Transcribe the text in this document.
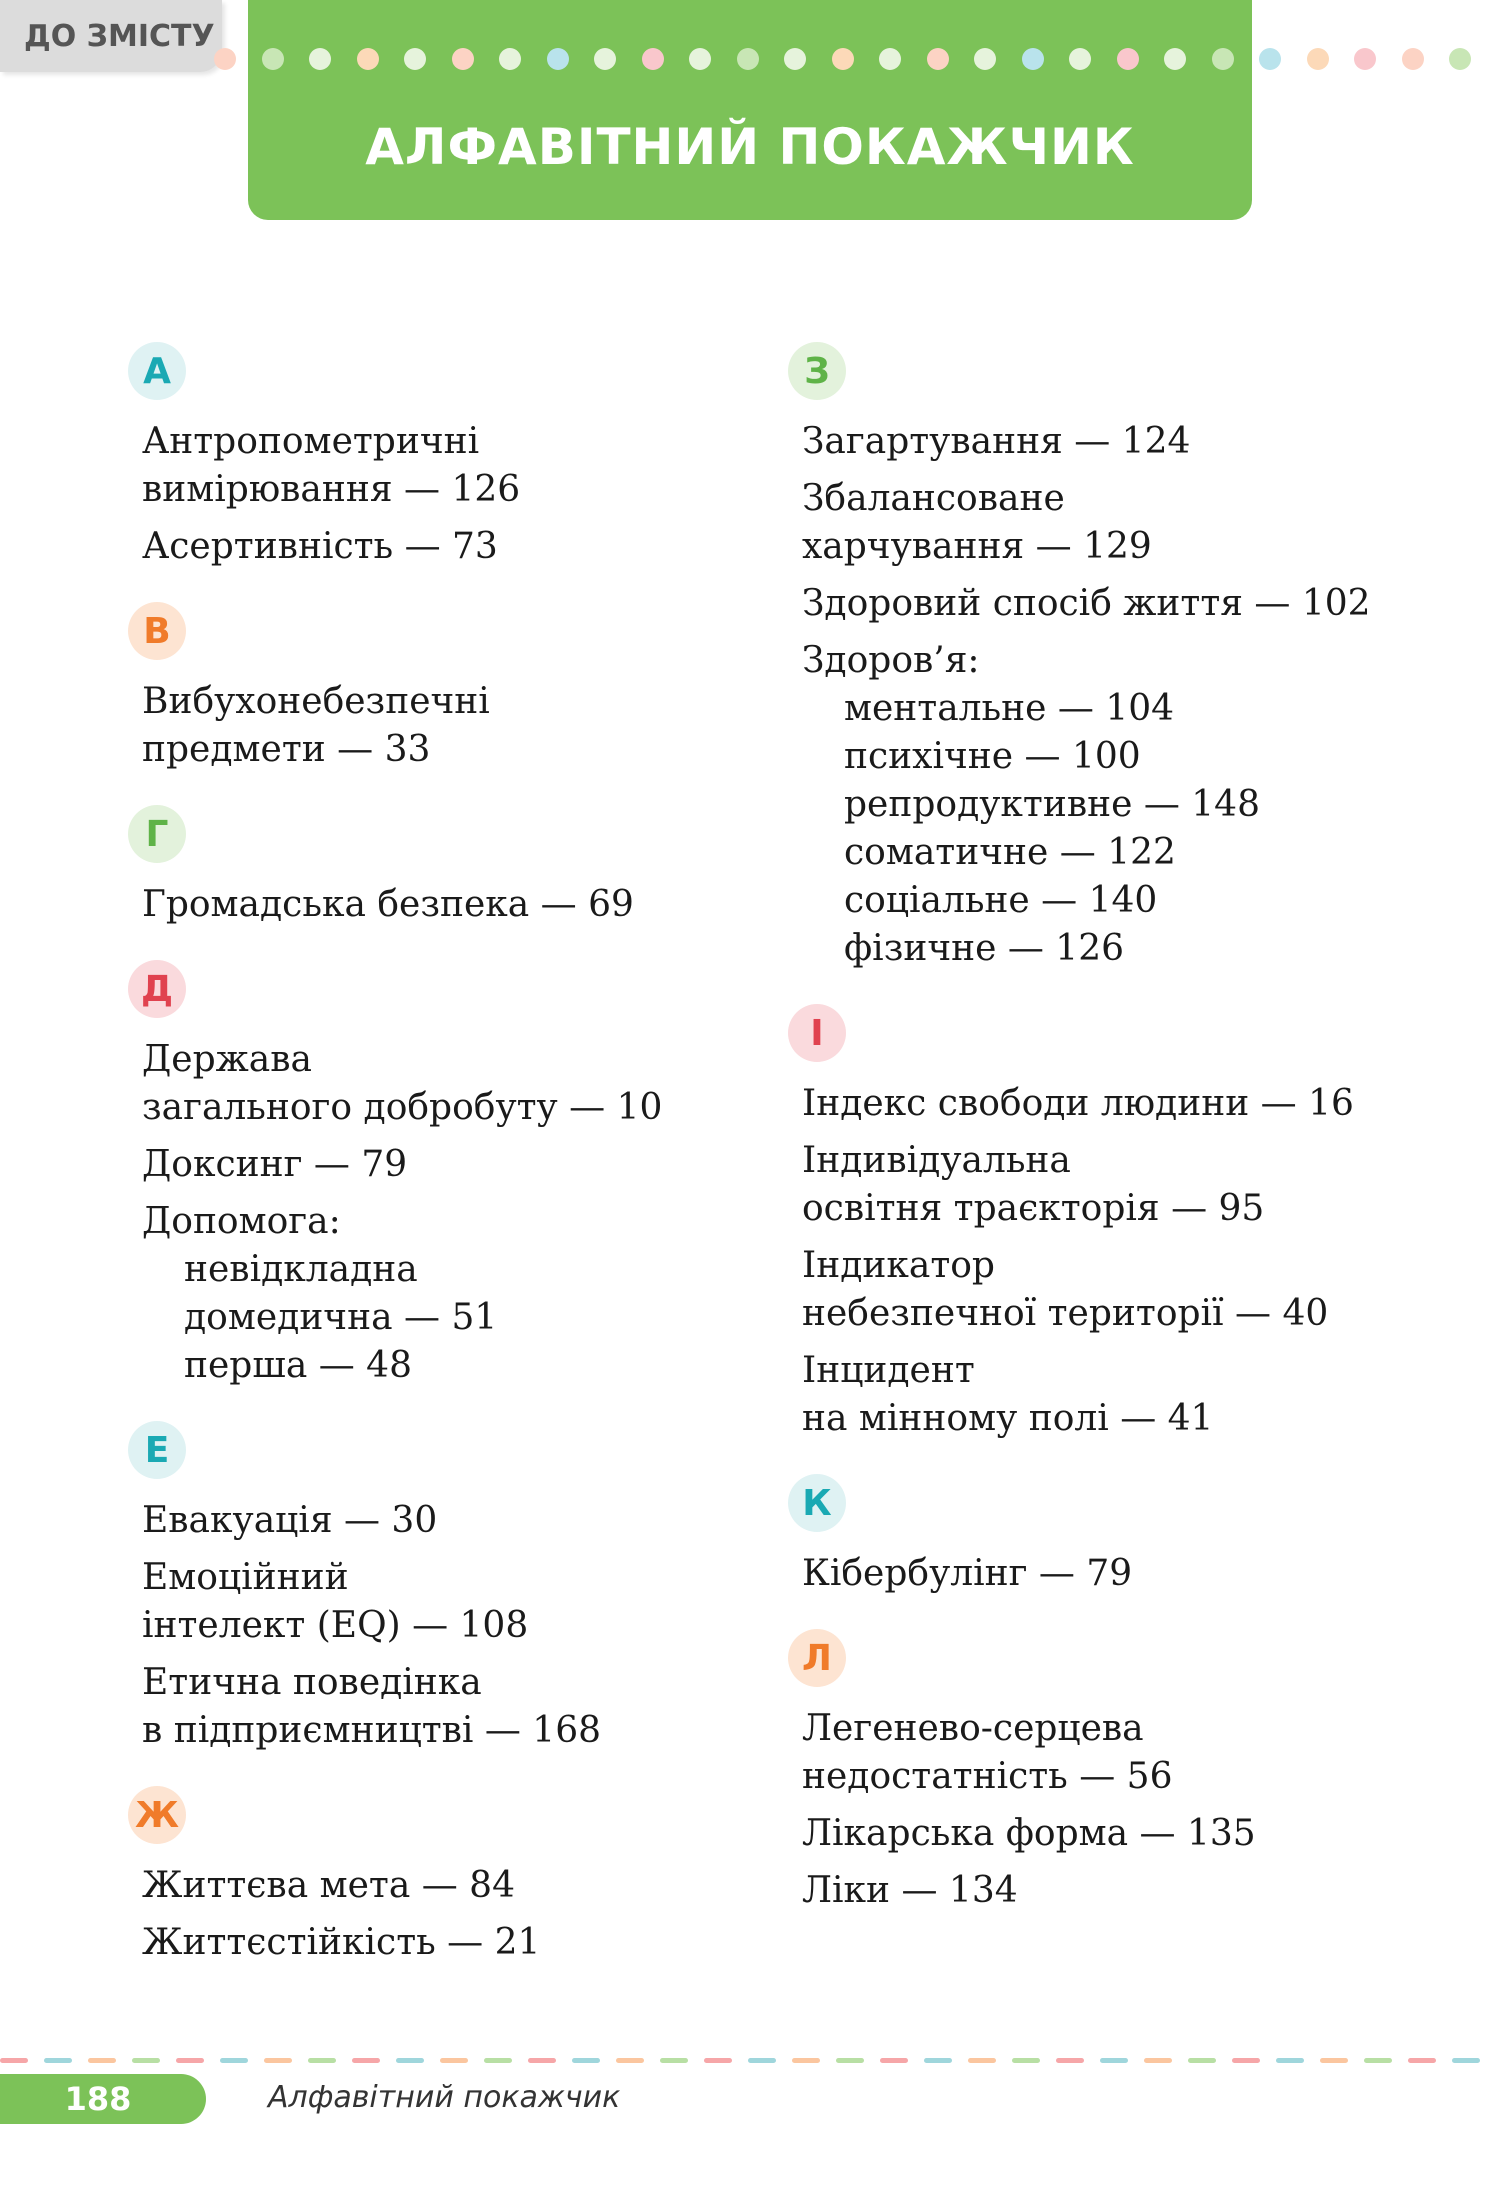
ДО ЗМІСТУ
АЛФАВІТНИЙ ПОКАЖЧИК
А
Антропометричні
вимірювання — 126
Асертивність — 73
В
Вибухонебезпечні
предмети — 33
Г
Громадська безпека — 69
Д
Держава
загального добробуту — 10
Доксинг — 79
Допомога:
невідкладна
домедична — 51
перша — 48
Е
Евакуація — 30
Емоційний
інтелект (EQ) — 108
Етична поведінка
в підприємництві — 168
Ж
Життєва мета — 84
Життєстійкість — 21
З
Загартування — 124
Збалансоване
харчування — 129
Здоровий спосіб життя — 102
Здоров’я:
ментальне — 104
психічне — 100
репродуктивне — 148
соматичне — 122
соціальне — 140
фізичне — 126
І
Індекс свободи людини — 16
Індивідуальна
освітня траєкторія — 95
Індикатор
небезпечної території — 40
Інцидент
на мінному полі — 41
К
Кібербулінг — 79
Л
Легенево-серцева
недостатність — 56
Лікарська форма — 135
Ліки — 134
188	Алфавітний покажчик
